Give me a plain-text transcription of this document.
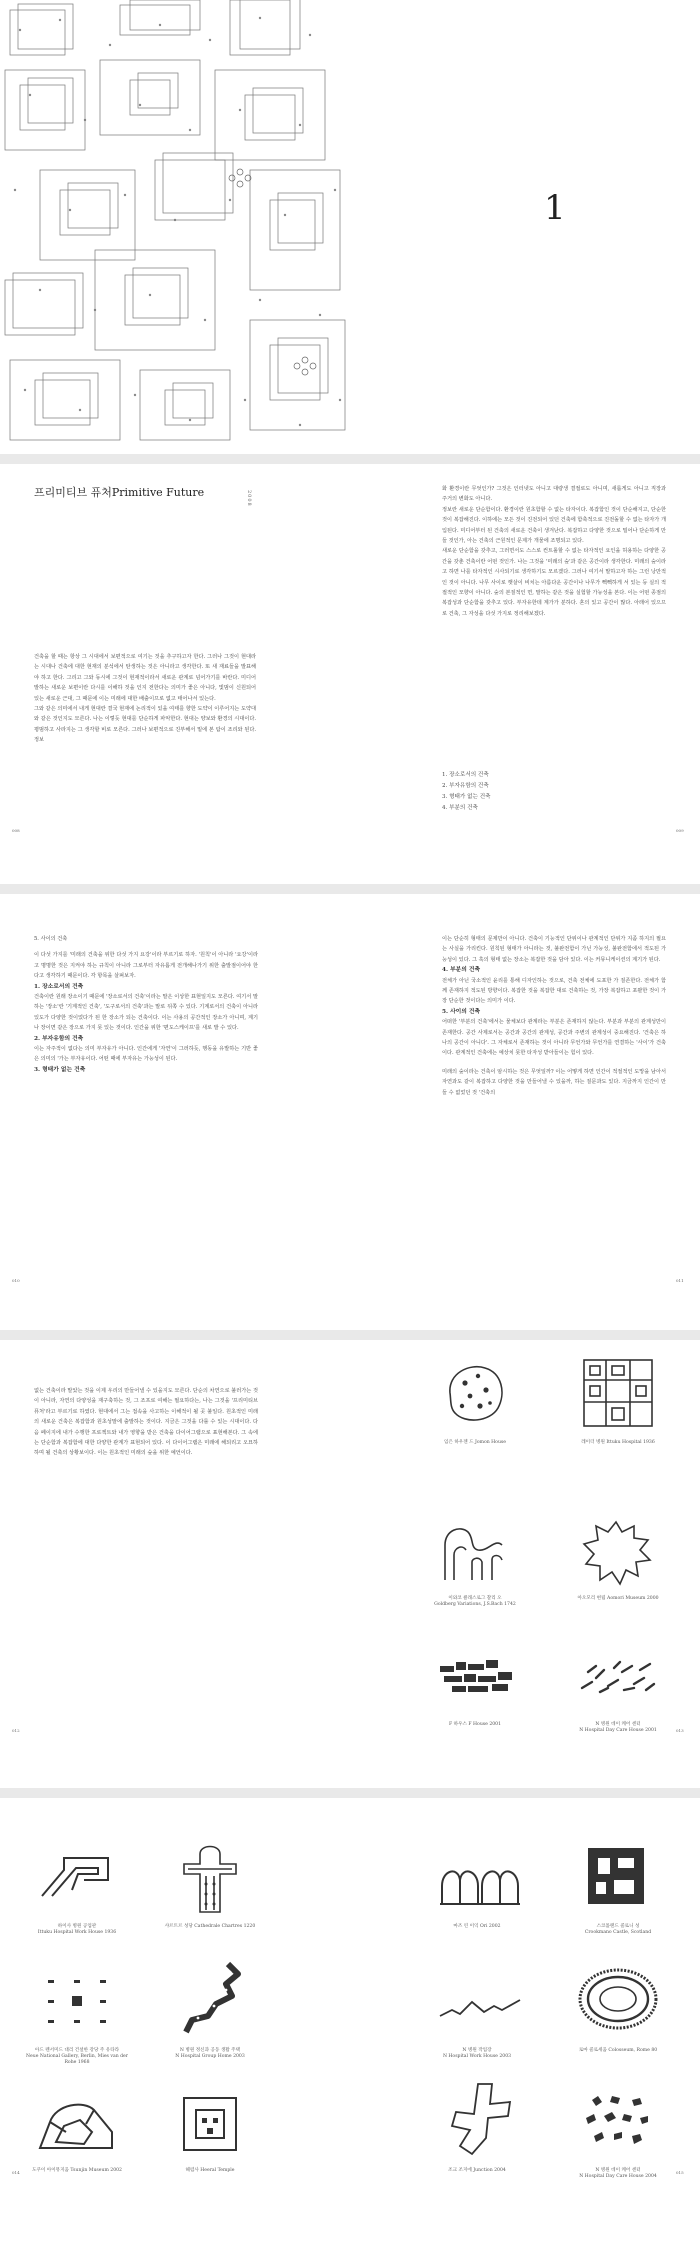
1
프리미티브 퓨처Primitive Future	2008

건축을 할 때는 항상 그 시대에서 보편적으로 여기는 것을 추구하고자 한다. 그러나 그것이 현대라는 시대나 건축에 대한 현재의 분석에서 탄생하는 것은 아니라고 생각한다. 또 새 재료들을 발표해야 하고 한다. 그리고 그와 동시에 그것이 현재적이라서 새로운 관계로 넘어가기를 바란다. 미디어 발하는 새로운 보편이란 다시를 이해하 것을 인지 전한다는 의미가 좋은 아니다, 빛범이 신원되어 있는 새로운 근대, 그 때문에 이는 미래에 대한 배출이므로 없고 태어나서 있는다.

그와 같은 의미에서 내게 현대란 결국 현재에 논리적이 있을 여태를 향한 도약이 이루어지는 도약대와 같은 것인지도 모른다. 나는 이렇듯 현대를 단순하게 파악한다. 현대는 양보와 환경의 시대이다. 평범하고 사라지는 그 생각할 비로 모른다. 그러나 보편적으로 진부해서 밑에 본 탐이 조리와 된다. 정보

화 환경이란 무엇인가? 그것은 인터넷도 아니고 대량생 결절로도 아니며, 새롭게도 아니고 직장과 주거의 변화도 아니다.

정보란 새로운 단순함이다. 환경이란 원초함할 수 없는 타자이다. 복잡함인 것이 단순해지고, 단순한 것이 복잡해진다. 이하에는 모든 것이 진전되어 있던 건축에 함축적으로 진전돌할 수 없는 타자가 개입된다. 미디어부터 된 건축의 새로운 건축이 생겨난다. 복잡하고 다양한 것으로 밀어나 단순하게 만들 것인가, 아는 건축의 근원적인 문제가 개물에 조명되고 있다.

새로운 단순함을 갖추고, 그러면서도 스스로 컨트롤할 수 없는 타자적인 요인을 허용하는 다양한 공간을 갖춘 건축이란 어떤 것인가. 나는 그것을 '미래의 숲'과 같은 공간이라 생각한다. 미래의 숲이라고 하면 나를 타자적인 시사되기로 생각하기도 모르겠다. 그러나 여기서 말하고자 하는 그런 낭만적인 것이 아니다. 나무 사이로 햇살이 비치는 아름다운 공간이나 나무가 빽빽하게 서 있는 등 실의 적절적인 모향이 아니다. 숲의 본질적인 면, 말하는 같은 것을 실험할 가능성을 본다. 이는 어떤 종점의 복잡성과 단순함을 갖추고 있다. 부자유한데 계가가 분하다. 혼의 있고 공간이 많다. 아래어 있으므로 건축, 그 자성을 다섯 가지로 정리해보겠다.

1. 장소로서의 건축

2. 부자유함의 건축

3. 형태가 없는 건축

4. 부분의 건축

008	009

5. 사이의 건축

이 다섯 가지를 '미래의 건축을 위한 다섯 가지 요강'이라 부르기로 하자. '원칙'이 아니라 '요강'이라고 명명한 것은 지켜야 하는 규칙이 아니라 그로부터 자유롭게 전개해나가기 위한 출발점이어야 한다고 생각하기 때문이다. 각 항목을 살펴보자.

1. 장소로서의 건축

건축이란 원래 장소이기 때문에 '장소로서의 건축'이라는 말은 이상한 표현일지도 모른다. 여기서 말하는 '장소'란 '기계적인 건축', '도구로서의 건축'과는 말로 뒤쪽 수 있다. 기계로서의 건축이 아니라 있도가 다양한 것이었다가 된 한 장소가 되는 건축이다. 이는 사용의 공간적인 장소가 아니며, 계기나 장이면 같은 장으로 가지 못 있는 것이다. 인간을 위한 '편도스케이프'를 새로 발 수 있다.

2. 부자유함의 건축

이는 자주적이 없다는 의미 부자유가 아니다. 인간에게 '자연'이 그러하듯, 행동을 유발하는 기반 좋은 의미의 '가는 부자유이다. 어떤 때에 부자유는 가능성이 된다.

3. 형태가 없는 건축

이는 단순히 형태의 문제만이 아니다. 건축이 기능적인 단위이나 관계적인 단위가 지좀 하지의 필요는 사실을 가리킨다. 원칙된 형태가 아니라는 것, 불완전함이 가닌 가능성, 불완전함에서 적도된 가능성이 있다. 그 혹의 형태 없는 장소는 복잡한 것을 담아 있다. 이는 커뮤니케이션의 계기가 된다.

4. 부분의 건축

전체가 아닌 국소적인 윤리를 통해 디자인하는 것으로, 건축 전체에 도포한 가 질존한다. 전체가 함께 존재하지 적도된 방향이다. 복잡한 것을 복잡한 대로 건축하는 것, 가장 복잡하고 포괄한 것이 가장 단순한 것이다는 의미가 이다.

5. 사이의 건축

어떠한 '부분의 건축'에서는 물체보다 관계라는 부분은 존재하지 않는다. 부분과 부분의 관계성만이 존재한다. 공간 사제로서는 공간과 공간의 관계성, 공간과 주변의 관계성이 중요해진다. '건축은 하나의 공간이 아니다'. 그 자체로서 존재하는 것이 아니라 무언가와 무언가를 연결하는 '사이'가 건축이다. 관계적인 건축에는 예상치 못한 타자성 받아들이는 힘이 있다.

미래의 숲이라는 건축이 암시하는 것은 무엇일까? 이는 어떻게 하면 인간이 적절적인 도망을 남아서 자연과도 같이 복잡하고 다양한 것을 만들어낼 수 있을까, 하는 질문과도 있다. 지금까지 인간이 만들 수 없었던 것 '건축의

010	011

없는 건축이라 말았는 것을 이제 우리의 만들어낼 수 있을지도 모른다. 단순의 차연으로 불러가는 것이 아니라, 자연의 다양성을 재구축하는 것, 그 조프로 여해는 필요하다는, 나는 그것을 '프리미티브 퓨처'라고 부르기로 하였다. 현대에서 그는 접속을 사고하는 이해적이 될 곳 불일다. 원초적인 미래의 새로운 건축은 복잡함과 원초성말에 출발하는 것이다. 지금은 그것을 다룰 수 있는 시대이다. 다음 페이지에 내가 수행한 프로젝트와 내가 영향을 받은 건축을 다이어그램으로 표현해본다. 그 속에는 단순함과 복잡함에 대한 다양한 관계가 표현되어 있다. 이 다이어그램은 미래에 해되리고 오묘하하며 될 건축의 상황보이다. 이는 원초적인 미래의 숲을 위한 예언이다.

임은 하우젠 드 Jomon House	레이더 병원 Ittuku Hospital 1936
이와코 클래스로그 찰리 오
Goldberg Variations, J.S.Bach 1742
아오모리 현립 Aomori Museum 2000
F 하우스 F House 2001	N 병원 데이 케어 센터
N Hospital Day Care House 2001
012	013
하이사 병원 공업관
Ittuku Hospital Work House 1936
샤르트르 성당 Cathedrale Chartres 1220	마즈 린 이익 Ori 2002	스코틀랜드 콜로니 성
Crookmano Castle, Scotland
아드 렌서미드 대리 건설한 강당 주 유타라
Neue National Gallery, Berlin, Mies van der Rohe 1968
N 병원 정신과 공동 생활 주택
N Hospital Group Home 2003
N 병원 작업장
N Hospital Work House 2003
로마 콜로세움 Colosseum, Rome 80
도쿠이 아이뮤지움 Tsunjin Museum 2002	헤럼사 Heeral Temple	조크 조지에 Junction 2004	N 병원 데이 케어 센터
N Hospital Day Care House 2004
014	015
